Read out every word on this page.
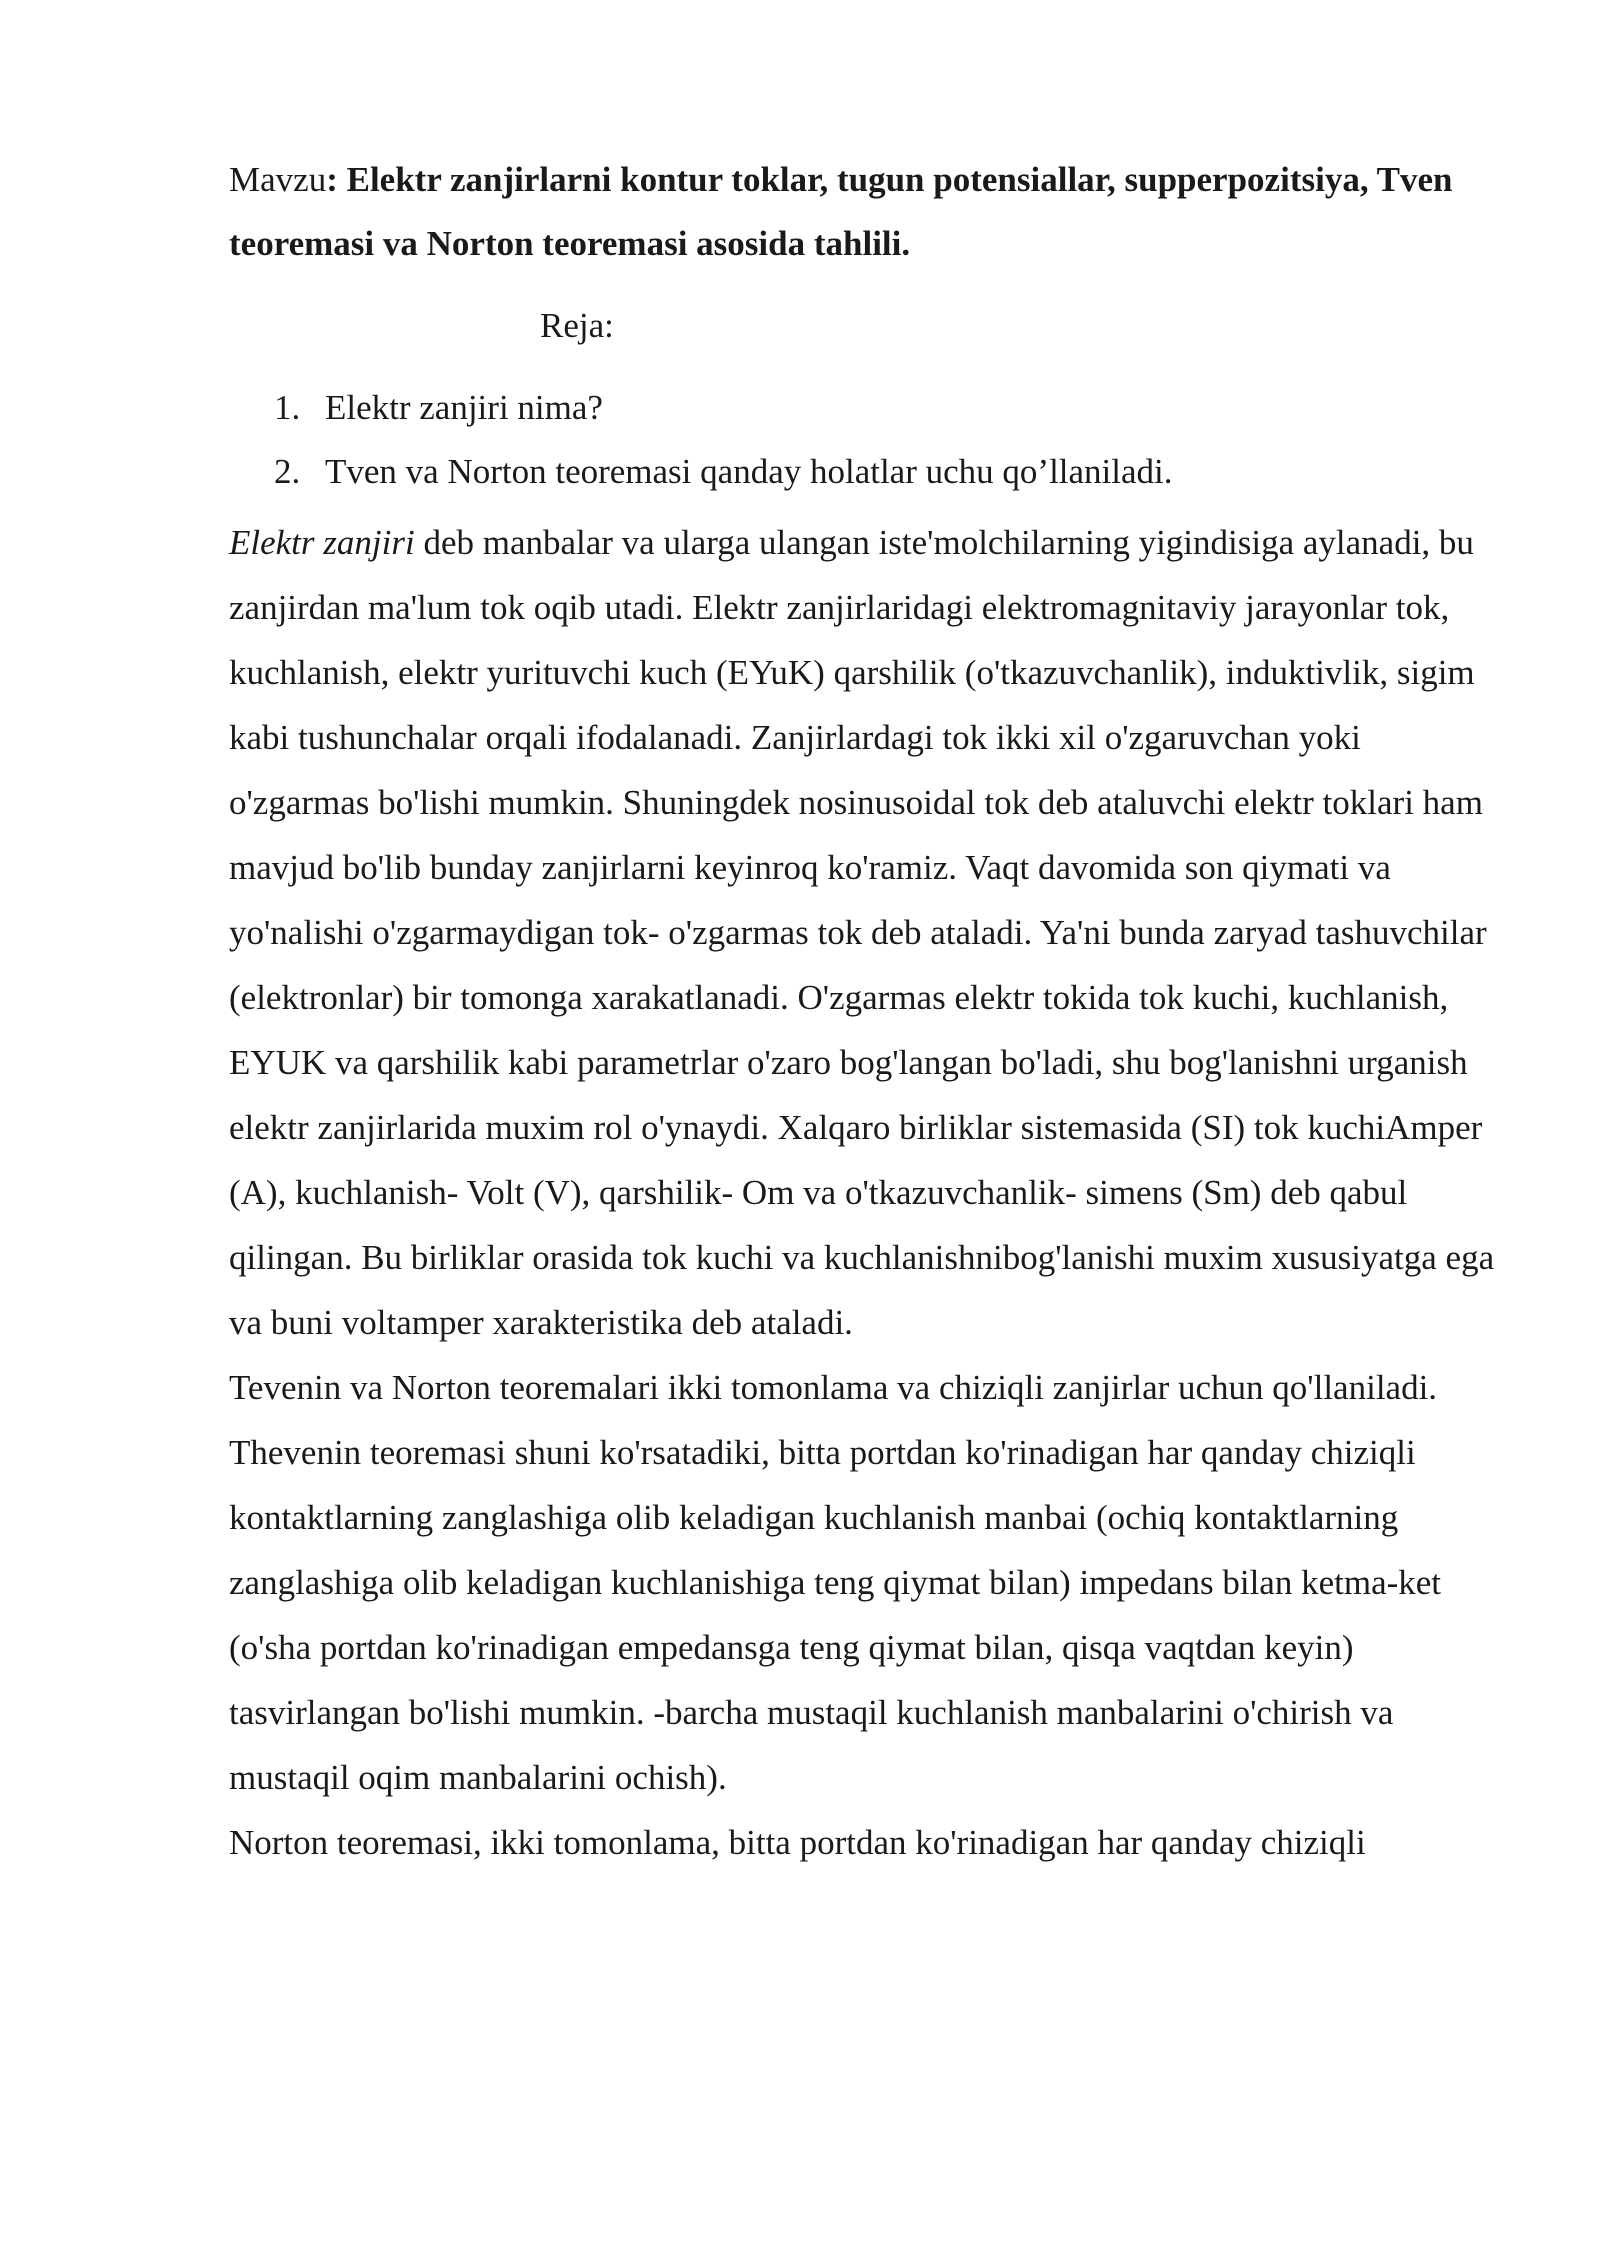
Mavzu: Elektr zanjirlarni kontur toklar, tugun potensiallar, supperpozitsiya, Tven teoremasi va Norton teoremasi asosida tahlili.
Reja:
1. Elektr zanjiri nima?
2. Tven va Norton teoremasi qanday holatlar uchu qo’llaniladi.

Elektr zanjiri deb manbalar va ularga ulangan iste'molchilarning yigindisiga aylanadi, bu zanjirdan ma'lum tok oqib utadi. Elektr zanjirlaridagi elektromagnitaviy jarayonlar tok, kuchlanish, elektr yurituvchi kuch (EYuK) qarshilik (o'tkazuvchanlik), induktivlik, sigim kabi tushunchalar orqali ifodalanadi. Zanjirlardagi tok ikki xil o'zgaruvchan yoki o'zgarmas bo'lishi mumkin. Shuningdek nosinusoidal tok deb ataluvchi elektr toklari ham mavjud bo'lib bunday zanjirlarni keyinroq ko'ramiz. Vaqt davomida son qiymati va yo'nalishi o'zgarmaydigan tok- o'zgarmas tok deb ataladi. Ya'ni bunda zaryad tashuvchilar (elektronlar) bir tomonga xarakatlanadi. O'zgarmas elektr tokida tok kuchi, kuchlanish, EYUK va qarshilik kabi parametrlar o'zaro bog'langan bo'ladi, shu bog'lanishni urganish elektr zanjirlarida muxim rol o'ynaydi. Xalqaro birliklar sistemasida (SI) tok kuchiAmper (A), kuchlanish- Volt (V), qarshilik- Om va o'tkazuvchanlik- simens (Sm) deb qabul qilingan. Bu birliklar orasida tok kuchi va kuchlanishnibog'lanishi muxim xususiyatga ega va buni voltamper xarakteristika deb ataladi.

Tevenin va Norton teoremalari ikki tomonlama va chiziqli zanjirlar uchun qo'llaniladi.

Thevenin teoremasi shuni ko'rsatadiki, bitta portdan ko'rinadigan har qanday chiziqli kontaktlarning zanglashiga olib keladigan kuchlanish manbai (ochiq kontaktlarning zanglashiga olib keladigan kuchlanishiga teng qiymat bilan) impedans bilan ketma-ket (o'sha portdan ko'rinadigan empedansga teng qiymat bilan, qisqa vaqtdan keyin) tasvirlangan bo'lishi mumkin. -barcha mustaqil kuchlanish manbalarini o'chirish va mustaqil oqim manbalarini ochish).

Norton teoremasi, ikki tomonlama, bitta portdan ko'rinadigan har qanday chiziqli
